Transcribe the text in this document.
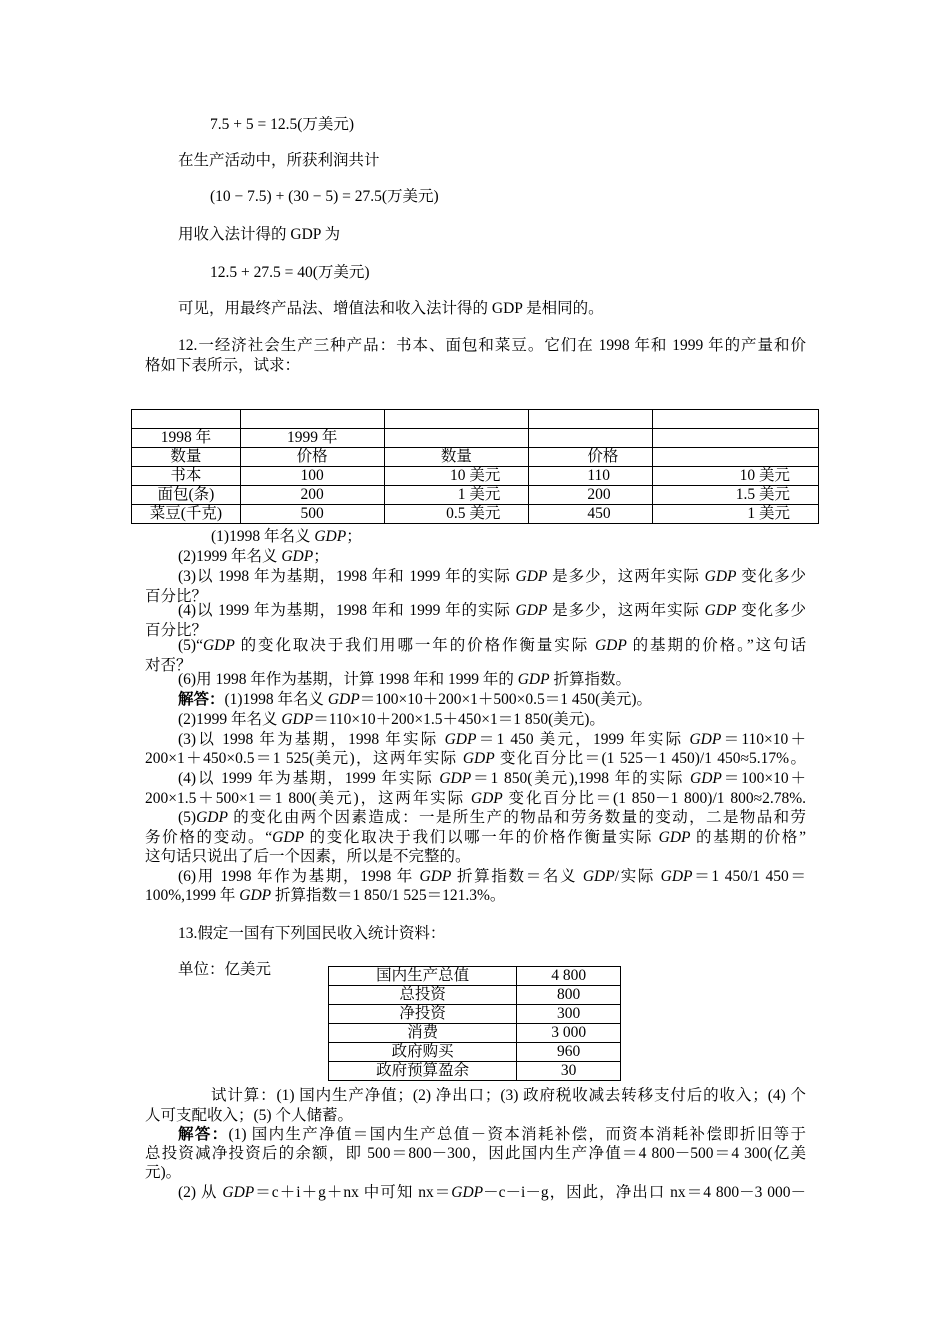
7.5 + 5 = 12.5(万美元)
在生产活动中，所获利润共计
(10 − 7.5) + (30 − 5) = 27.5(万美元)
用收入法计得的 GDP 为
12.5 + 27.5 = 40(万美元)
可见，用最终产品法、增值法和收入法计得的 GDP 是相同的。
12.一经济社会生产三种产品：书本、面包和菜豆。它们在 1998 年和 1999 年的产量和价
格如下表所示，试求：

1998 年	1999 年			
数量	价格	数量	价格	
书本	100	10 美元	110	10 美元
面包(条)	200	1 美元	200	1.5 美元
菜豆(千克)	500	0.5 美元	450	1 美元
(1)1998 年名义 GDP；
(2)1999 年名义 GDP；
(3)以 1998 年为基期，1998 年和 1999 年的实际 GDP 是多少，这两年实际 GDP 变化多少
百分比？
(4)以 1999 年为基期，1998 年和 1999 年的实际 GDP 是多少，这两年实际 GDP 变化多少
百分比？
(5)“GDP 的变化取决于我们用哪一年的价格作衡量实际 GDP 的基期的价格。”这句话
对否？
(6)用 1998 年作为基期，计算 1998 年和 1999 年的 GDP 折算指数。
解答：(1)1998 年名义 GDP＝100×10＋200×1＋500×0.5＝1 450(美元)。
(2)1999 年名义 GDP＝110×10＋200×1.5＋450×1＝1 850(美元)。
(3)以 1998 年为基期，1998 年实际 GDP＝1 450 美元，1999 年实际 GDP＝110×10＋
200×1＋450×0.5＝1 525(美元)，这两年实际 GDP 变化百分比＝(1 525－1 450)/1 450≈5.17%。
(4)以 1999 年为基期，1999 年实际 GDP＝1 850(美元),1998 年的实际 GDP＝100×10＋
200×1.5＋500×1＝1 800(美元)，这两年实际 GDP 变化百分比＝(1 850－1 800)/1 800≈2.78%.
(5)GDP 的变化由两个因素造成：一是所生产的物品和劳务数量的变动，二是物品和劳
务价格的变动。“GDP 的变化取决于我们以哪一年的价格作衡量实际 GDP 的基期的价格”
这句话只说出了后一个因素，所以是不完整的。
(6)用 1998 年作为基期，1998 年 GDP 折算指数＝名义 GDP/实际 GDP＝1 450/1 450＝
100%,1999 年 GDP 折算指数＝1 850/1 525＝121.3%。
13.假定一国有下列国民收入统计资料：
单位：亿美元	国内生产总值	4 800
总投资	800
净投资	300
消费	3 000
政府购买	960
政府预算盈余	30
试计算：(1) 国内生产净值；(2) 净出口；(3) 政府税收减去转移支付后的收入；(4) 个
人可支配收入；(5) 个人储蓄。
解答：(1) 国内生产净值＝国内生产总值－资本消耗补偿，而资本消耗补偿即折旧等于
总投资减净投资后的余额，即 500＝800－300，因此国内生产净值＝4 800－500＝4 300(亿美
元)。
(2) 从 GDP＝c＋i＋g＋nx 中可知 nx＝GDP－c－i－g，因此，净出口 nx＝4 800－3 000－
